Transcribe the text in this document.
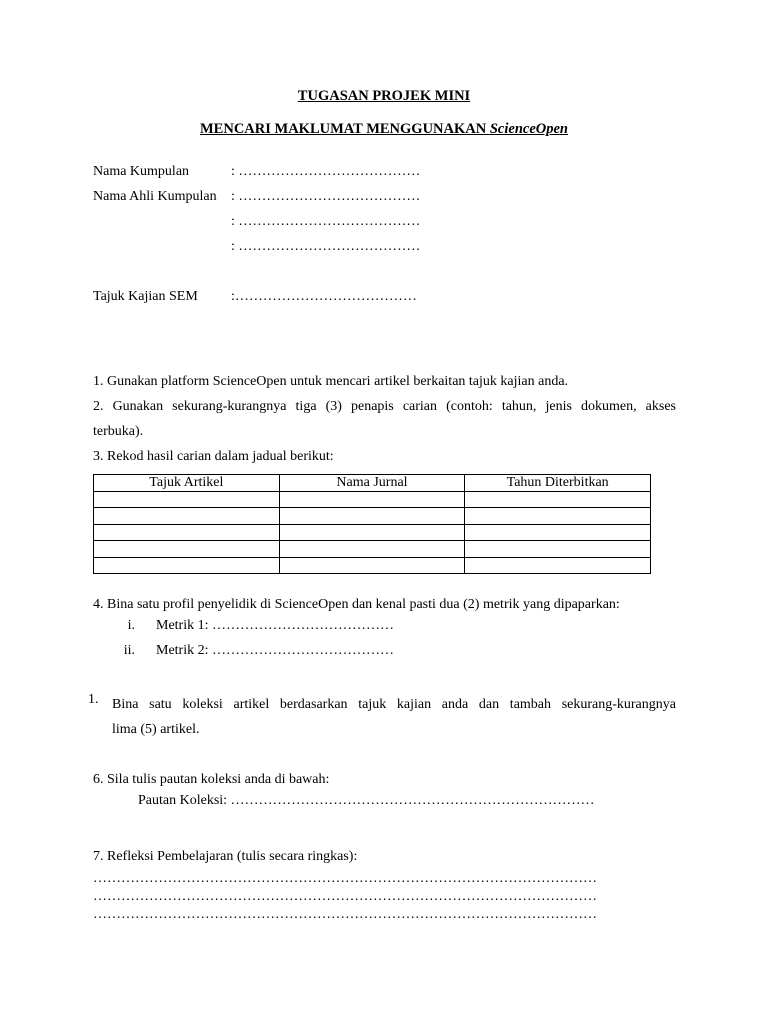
TUGASAN PROJEK MINI
MENCARI MAKLUMAT MENGGUNAKAN ScienceOpen
Nama Kumpulan	: …………………………………
Nama Ahli Kumpulan : …………………………………
: …………………………………
: …………………………………
Tajuk Kajian SEM :…………………………………
1. Gunakan platform ScienceOpen untuk mencari artikel berkaitan tajuk kajian anda.
2. Gunakan sekurang-kurangnya tiga (3) penapis carian (contoh: tahun, jenis dokumen, akses
terbuka).
3. Rekod hasil carian dalam jadual berikut:
Tajuk Artikel	Nama Jurnal	Tahun Diterbitkan

4. Bina satu profil penyelidik di ScienceOpen dan kenal pasti dua (2) metrik yang dipaparkan:
i. Metrik 1: …………………………………
ii. Metrik 2: …………………………………
1. Bina satu koleksi artikel berdasarkan tajuk kajian anda dan tambah sekurang-kurangnya
lima (5) artikel.
6. Sila tulis pautan koleksi anda di bawah:
Pautan Koleksi: ……………………………………………………………………
7. Refleksi Pembelajaran (tulis secara ringkas):
………………………………………………………………………………………………
………………………………………………………………………………………………
………………………………………………………………………………………………
